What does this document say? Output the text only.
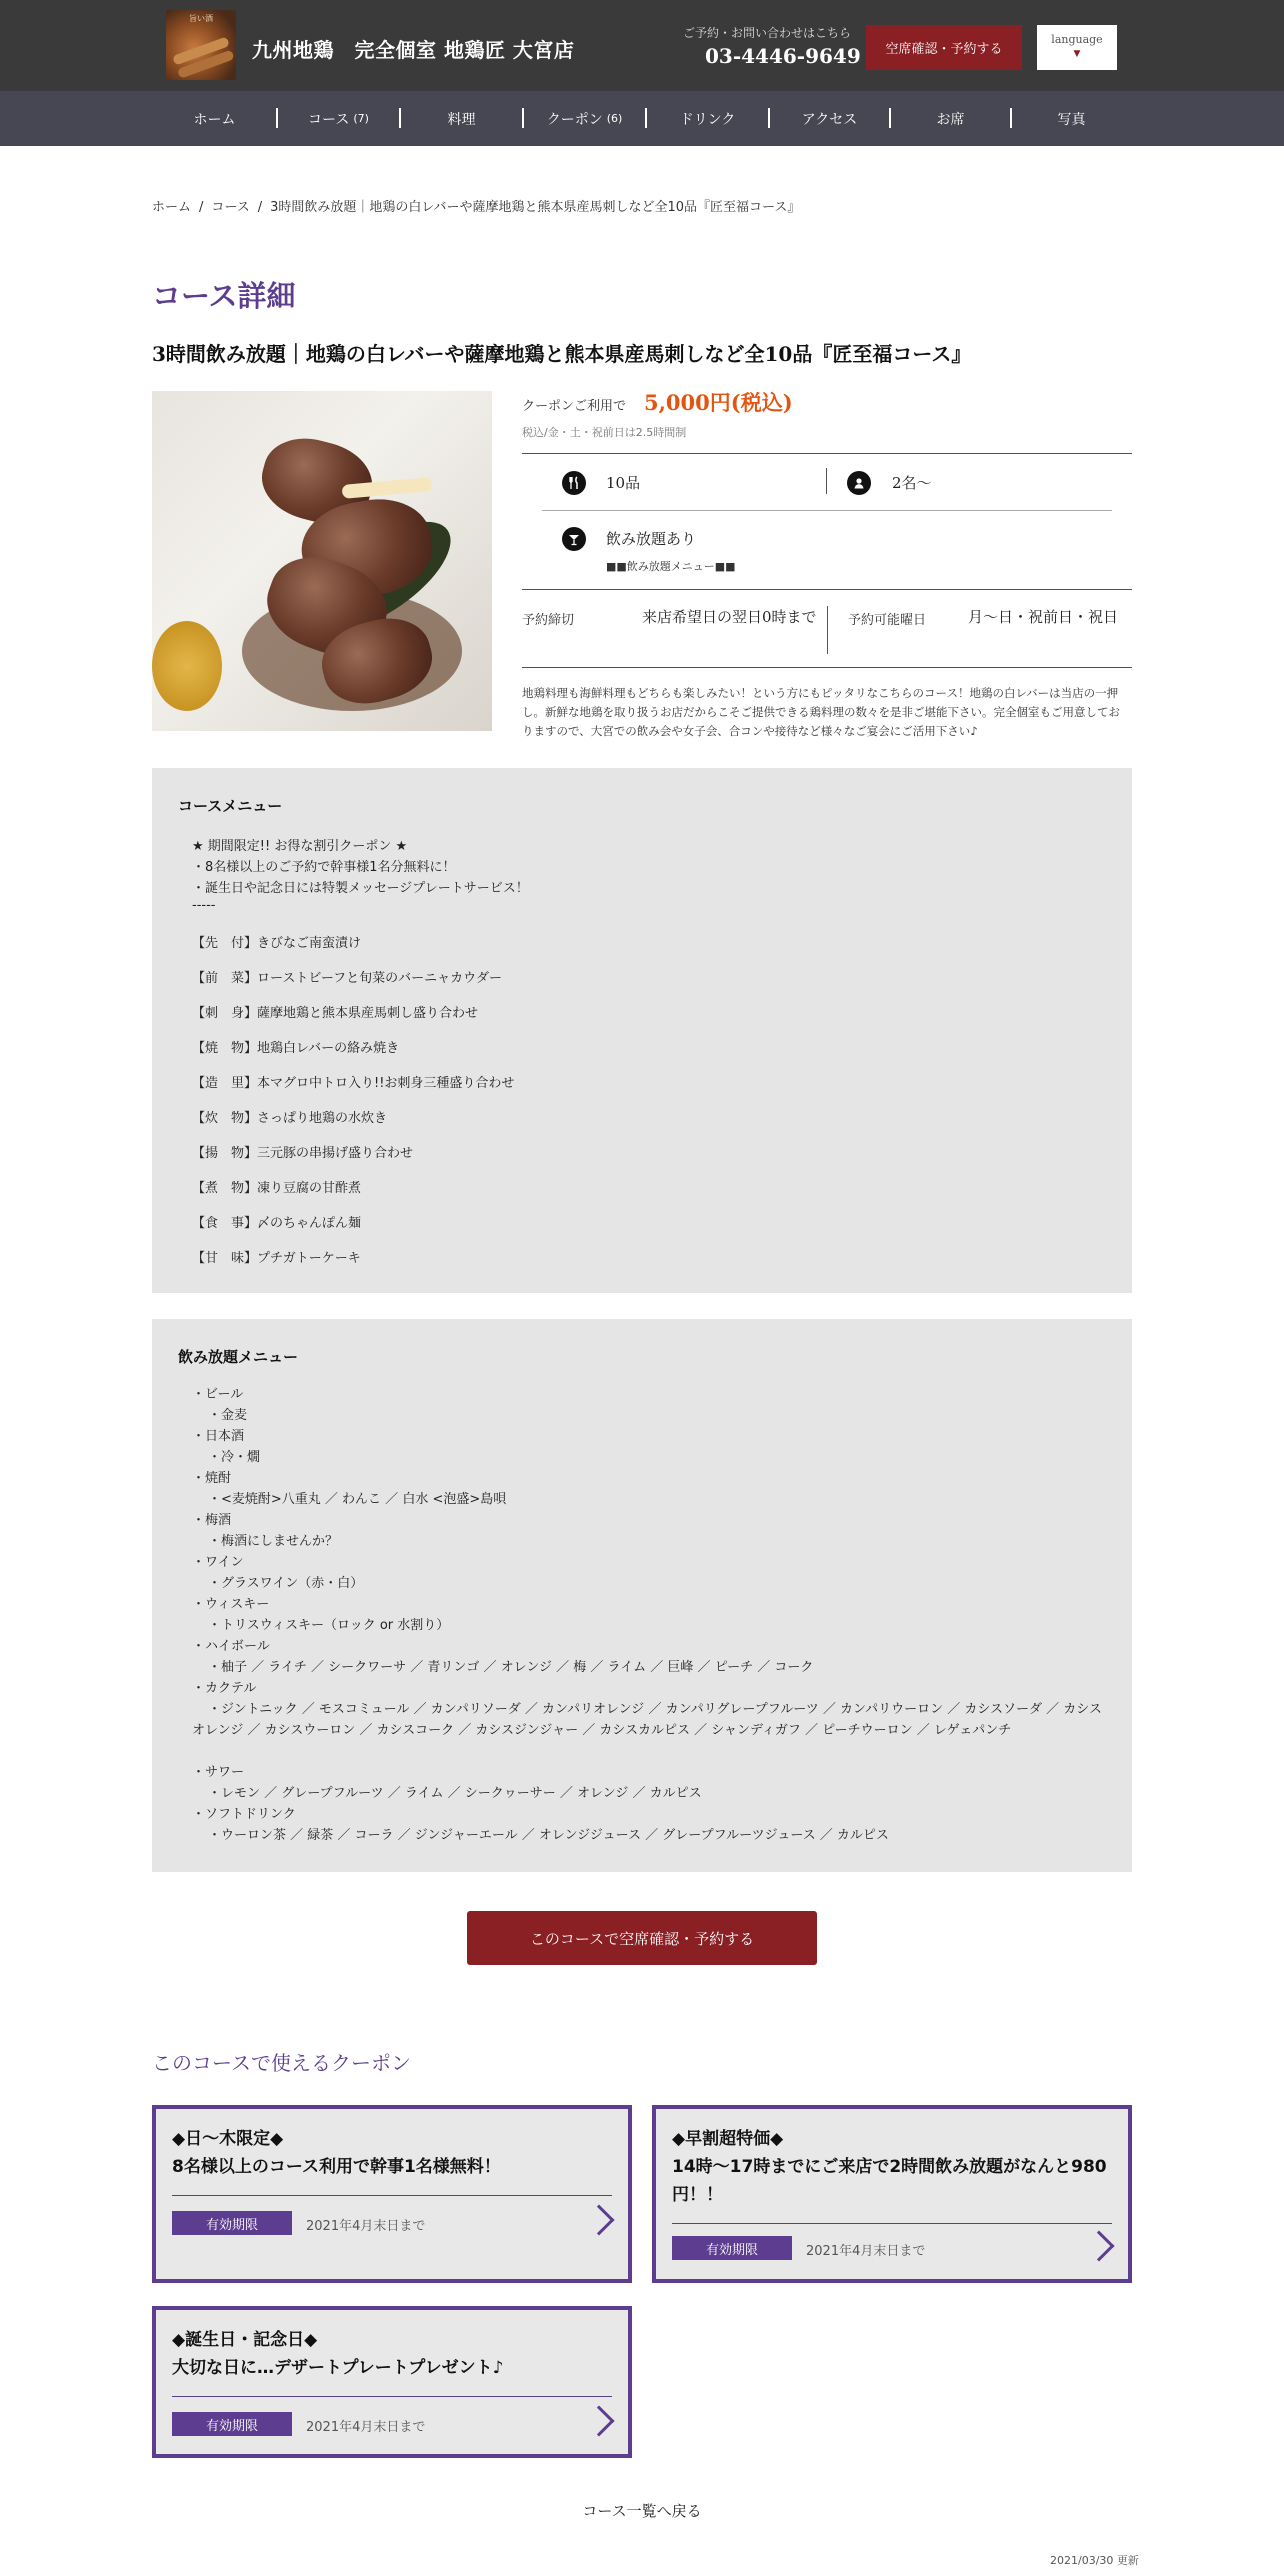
旨い酒
九州地鶏　完全個室 地鶏匠 大宮店
ご予約・お問い合わせはこちら
03-4446-9649	空席確認・予約する
language
▼
ホーム	コース (7)	料理	クーポン (6)	ドリンク	アクセス	お席	写真
ホーム / コース / 3時間飲み放題｜地鶏の白レバーや薩摩地鶏と熊本県産馬刺しなど全10品『匠至福コース』
コース詳細
3時間飲み放題｜地鶏の白レバーや薩摩地鶏と熊本県産馬刺しなど全10品『匠至福コース』
クーポンご利用で 5,000円(税込)
税込/金・土・祝前日は2.5時間制
10品	2名～
飲み放題あり
■■飲み放題メニュー■■
予約締切	来店希望日の翌日0時まで 予約可能曜日	月〜日・祝前日・祝日
地鶏料理も海鮮料理もどちらも楽しみたい！という方にもピッタリなこちらのコース！地鶏の白レバーは当店の一押し。新鮮な地鶏を取り扱うお店だからこそご提供できる鶏料理の数々を是非ご堪能下さい。完全個室もご用意しておりますので、大宮での飲み会や女子会、合コンや接待など様々なご宴会にご活用下さい♪
コースメニュー
★ 期間限定!! お得な割引クーポン ★
・8名様以上のご予約で幹事様1名分無料に！
・誕生日や記念日には特製メッセージプレートサービス！
-----
【先　付】きびなご南蛮漬け
【前　菜】ローストビーフと旬菜のバーニャカウダー
【刺　身】薩摩地鶏と熊本県産馬刺し盛り合わせ
【焼　物】地鶏白レバーの絡み焼き
【造　里】本マグロ中トロ入り!!お刺身三種盛り合わせ
【炊　物】さっぱり地鶏の水炊き
【揚　物】三元豚の串揚げ盛り合わせ
【煮　物】凍り豆腐の甘酢煮
【食　事】〆のちゃんぽん麺
【甘　味】プチガトーケーキ
飲み放題メニュー
・ビール
・金麦
・日本酒
・冷・燗
・焼酎
・<麦焼酎>八重丸 ／ わんこ ／ 白水 <泡盛>島唄
・梅酒
・梅酒にしませんか？
・ワイン
・グラスワイン（赤・白）
・ウィスキー
・トリスウィスキー（ロック or 水割り）
・ハイボール
・柚子 ／ ライチ ／ シークワーサ ／ 青リンゴ ／ オレンジ ／ 梅 ／ ライム ／ 巨峰 ／ ピーチ ／ コーク
・カクテル
・ジントニック ／ モスコミュール ／ カンパリソーダ ／ カンパリオレンジ ／ カンパリグレープフルーツ ／ カンパリウーロン ／ カシスソーダ ／ カシスオレンジ ／ カシスウーロン ／ カシスコーク ／ カシスジンジャー ／ カシスカルピス ／ シャンディガフ ／ ピーチウーロン ／ レゲェパンチ
・サワー
・レモン ／ グレープフルーツ ／ ライム ／ シークヮーサー ／ オレンジ ／ カルピス
・ソフトドリンク
・ウーロン茶 ／ 緑茶 ／ コーラ ／ ジンジャーエール ／ オレンジジュース ／ グレープフルーツジュース ／ カルピス
このコースで空席確認・予約する
このコースで使えるクーポン
◆日～木限定◆
8名様以上のコース利用で幹事1名様無料！
有効期限	2021年4月末日まで
◆早割超特価◆
14時～17時までにご来店で2時間飲み放題がなんと980円！！
有効期限	2021年4月末日まで
◆誕生日・記念日◆
大切な日に…デザートプレートプレゼント♪
有効期限	2021年4月末日まで
コース一覧へ戻る
2021/03/30 更新
